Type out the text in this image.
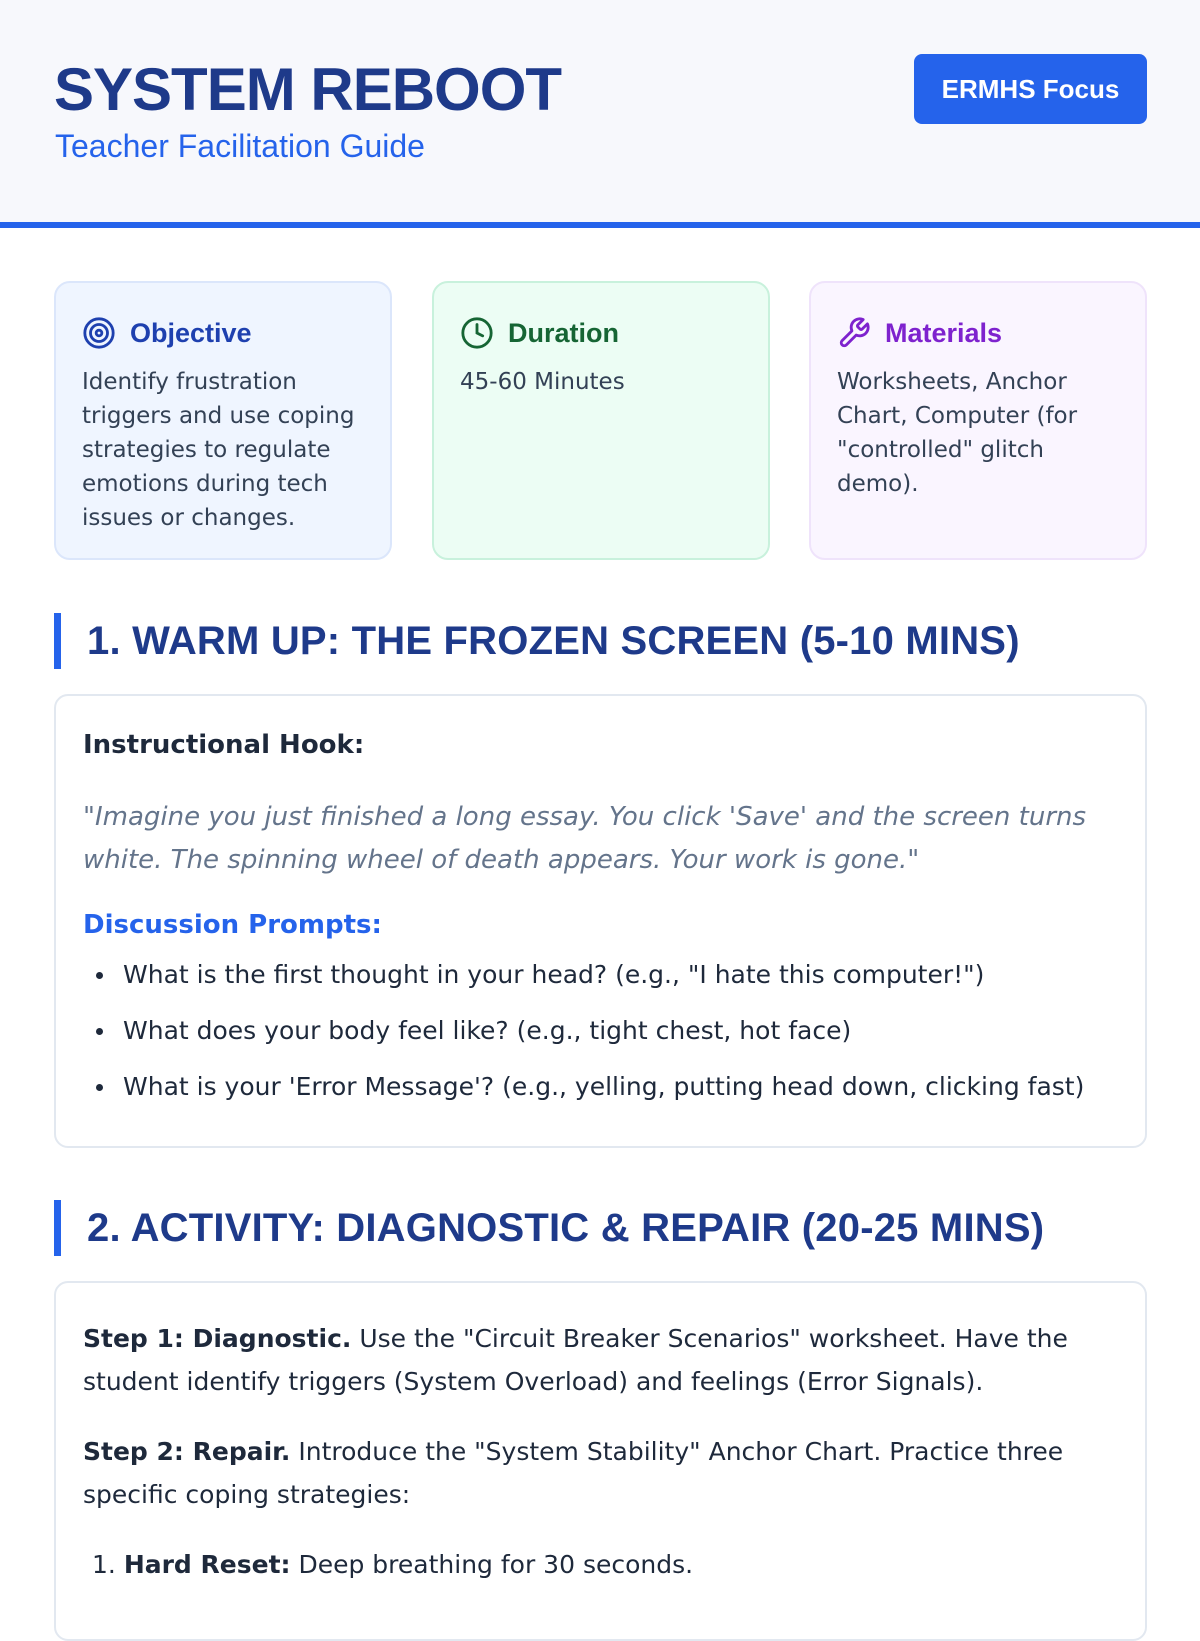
SYSTEM REBOOT
Teacher Facilitation Guide
ERMHS Focus
Objective
Identify frustration triggers and use coping strategies to regulate emotions during tech issues or changes.
Duration
45-60 Minutes
Materials
Worksheets, Anchor Chart, Computer (for "controlled" glitch demo).
1. WARM UP: THE FROZEN SCREEN (5-10 MINS)
Instructional Hook:
"Imagine you just finished a long essay. You click 'Save' and the screen turns white. The spinning wheel of death appears. Your work is gone."
Discussion Prompts:
What is the first thought in your head? (e.g., "I hate this computer!")
What does your body feel like? (e.g., tight chest, hot face)
What is your 'Error Message'? (e.g., yelling, putting head down, clicking fast)
2. ACTIVITY: DIAGNOSTIC & REPAIR (20-25 MINS)

Step 1: Diagnostic. Use the "Circuit Breaker Scenarios" worksheet. Have the student identify triggers (System Overload) and feelings (Error Signals).

Step 2: Repair. Introduce the "System Stability" Anchor Chart. Practice three specific coping strategies:

1. Hard Reset: Deep breathing for 30 seconds.
